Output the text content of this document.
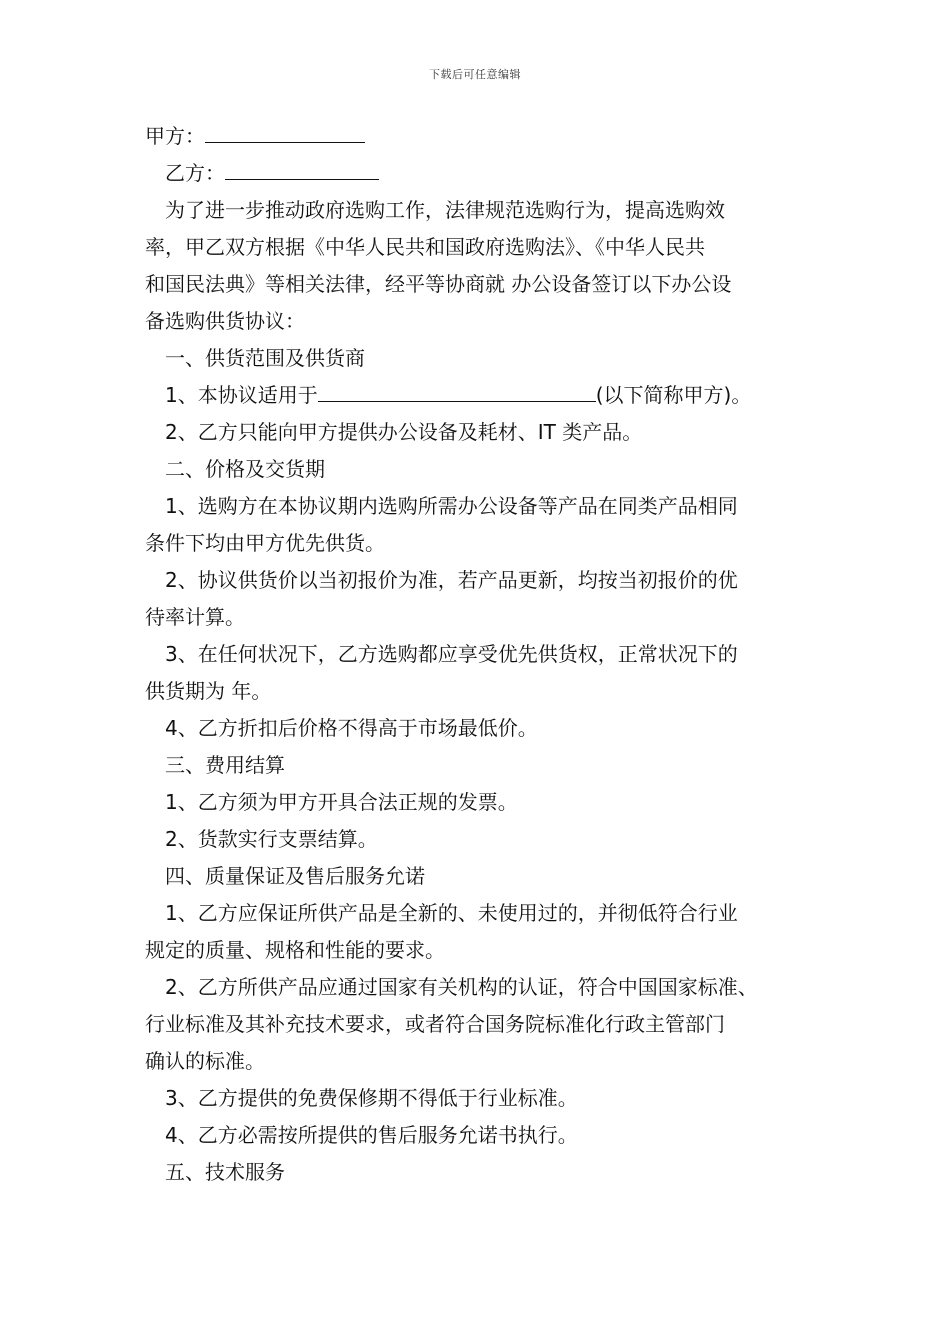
下载后可任意编辑
甲方：
乙方：
为了进一步推动政府选购工作，法律规范选购行为，提高选购效
率，甲乙双方根据《中华人民共和国政府选购法》、《中华人民共
和国民法典》等相关法律，经平等协商就 办公设备签订以下办公设
备选购供货协议：
一、供货范围及供货商
1、本协议适用于	(以下简称甲方)。
2、乙方只能向甲方提供办公设备及耗材、IT 类产品。
二、价格及交货期
1、选购方在本协议期内选购所需办公设备等产品在同类产品相同
条件下均由甲方优先供货。
2、协议供货价以当初报价为准，若产品更新，均按当初报价的优
待率计算。
3、在任何状况下，乙方选购都应享受优先供货权，正常状况下的
供货期为 年。
4、乙方折扣后价格不得高于市场最低价。
三、费用结算
1、乙方须为甲方开具合法正规的发票。
2、货款实行支票结算。
四、质量保证及售后服务允诺
1、乙方应保证所供产品是全新的、未使用过的，并彻低符合行业
规定的质量、规格和性能的要求。
2、乙方所供产品应通过国家有关机构的认证，符合中国国家标准、
行业标准及其补充技术要求，或者符合国务院标准化行政主管部门
确认的标准。
3、乙方提供的免费保修期不得低于行业标准。
4、乙方必需按所提供的售后服务允诺书执行。
五、技术服务
